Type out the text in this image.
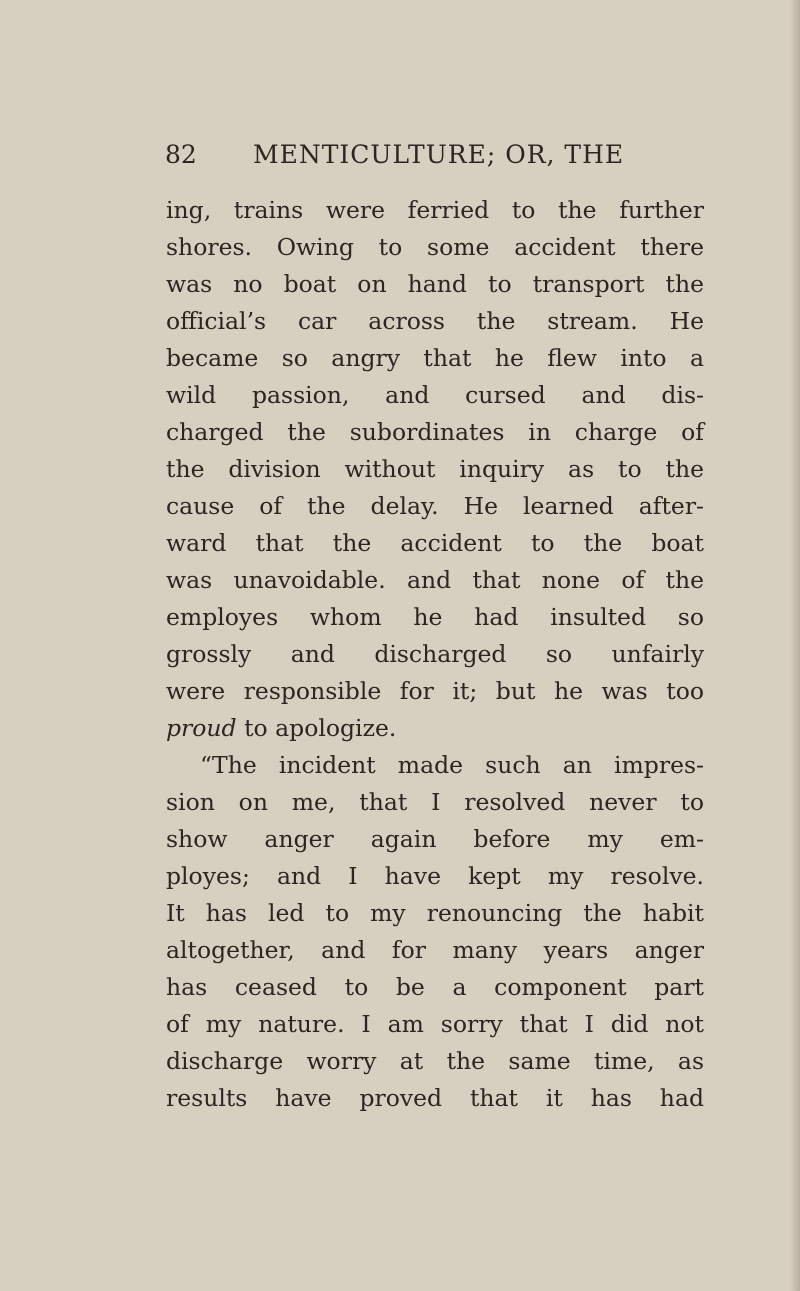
82 MENTICULTURE; OR, THE
ing, trains were ferried to the further
shores. Owing to some accident there
was no boat on hand to transport the
official’s car across the stream. He
became so angry that he flew into a
wild passion, and cursed and dis-
charged the subordinates in charge of
the division without inquiry as to the
cause of the delay. He learned after-
ward that the accident to the boat
was unavoidable. and that none of the
employes whom he had insulted so
grossly and discharged so unfairly
were responsible for it; but he was too
proud to apologize.
“The incident made such an impres-
sion on me, that I resolved never to
show anger again before my em-
ployes; and I have kept my resolve.
It has led to my renouncing the habit
altogether, and for many years anger
has ceased to be a component part
of my nature. I am sorry that I did not
discharge worry at the same time, as
results have proved that it has had
